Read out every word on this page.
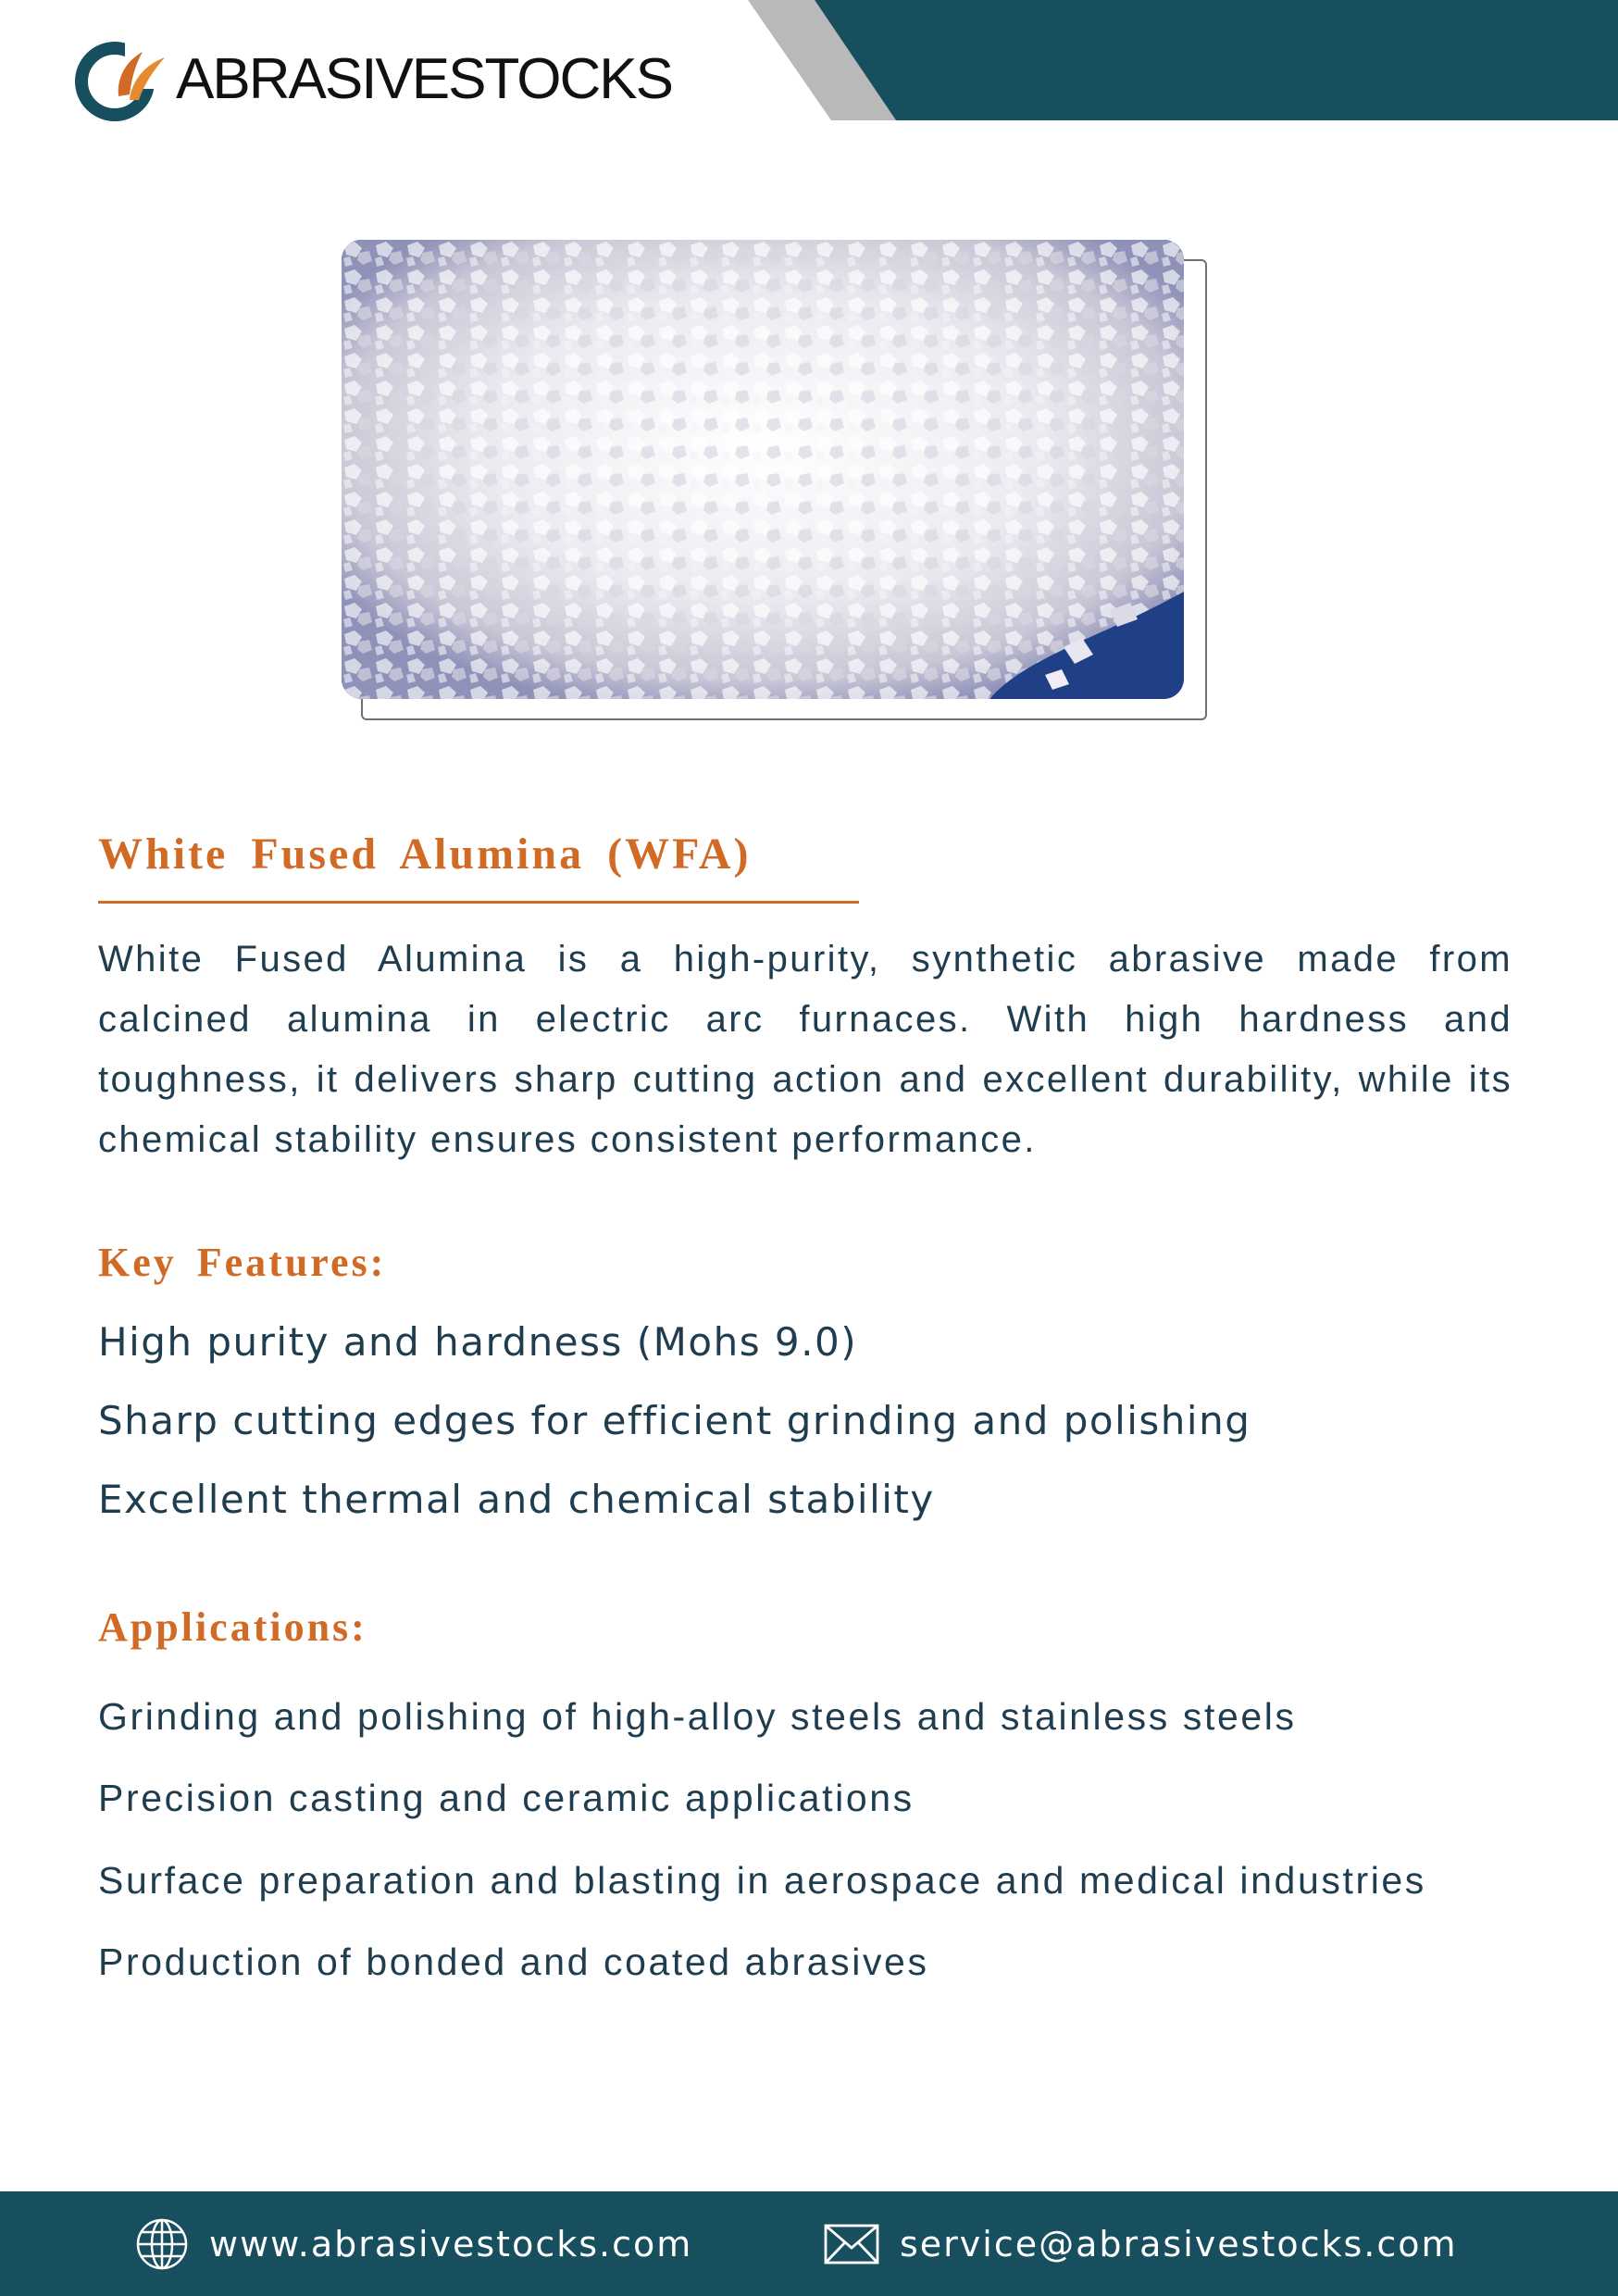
ABRASIVESTOCKS
White Fused Alumina (WFA)
White Fused Alumina is a high-purity, synthetic abrasive made from calcined alumina in electric arc furnaces. With high hardness and toughness, it delivers sharp cutting action and excellent durability, while its chemical stability ensures consistent performance.
Key Features:
High purity and hardness (Mohs 9.0)
Sharp cutting edges for efficient grinding and polishing
Excellent thermal and chemical stability
Applications:
Grinding and polishing of high-alloy steels and stainless steels
Precision casting and ceramic applications
Surface preparation and blasting in aerospace and medical industries
Production of bonded and coated abrasives
www.abrasivestocks.com	service@abrasivestocks.com
